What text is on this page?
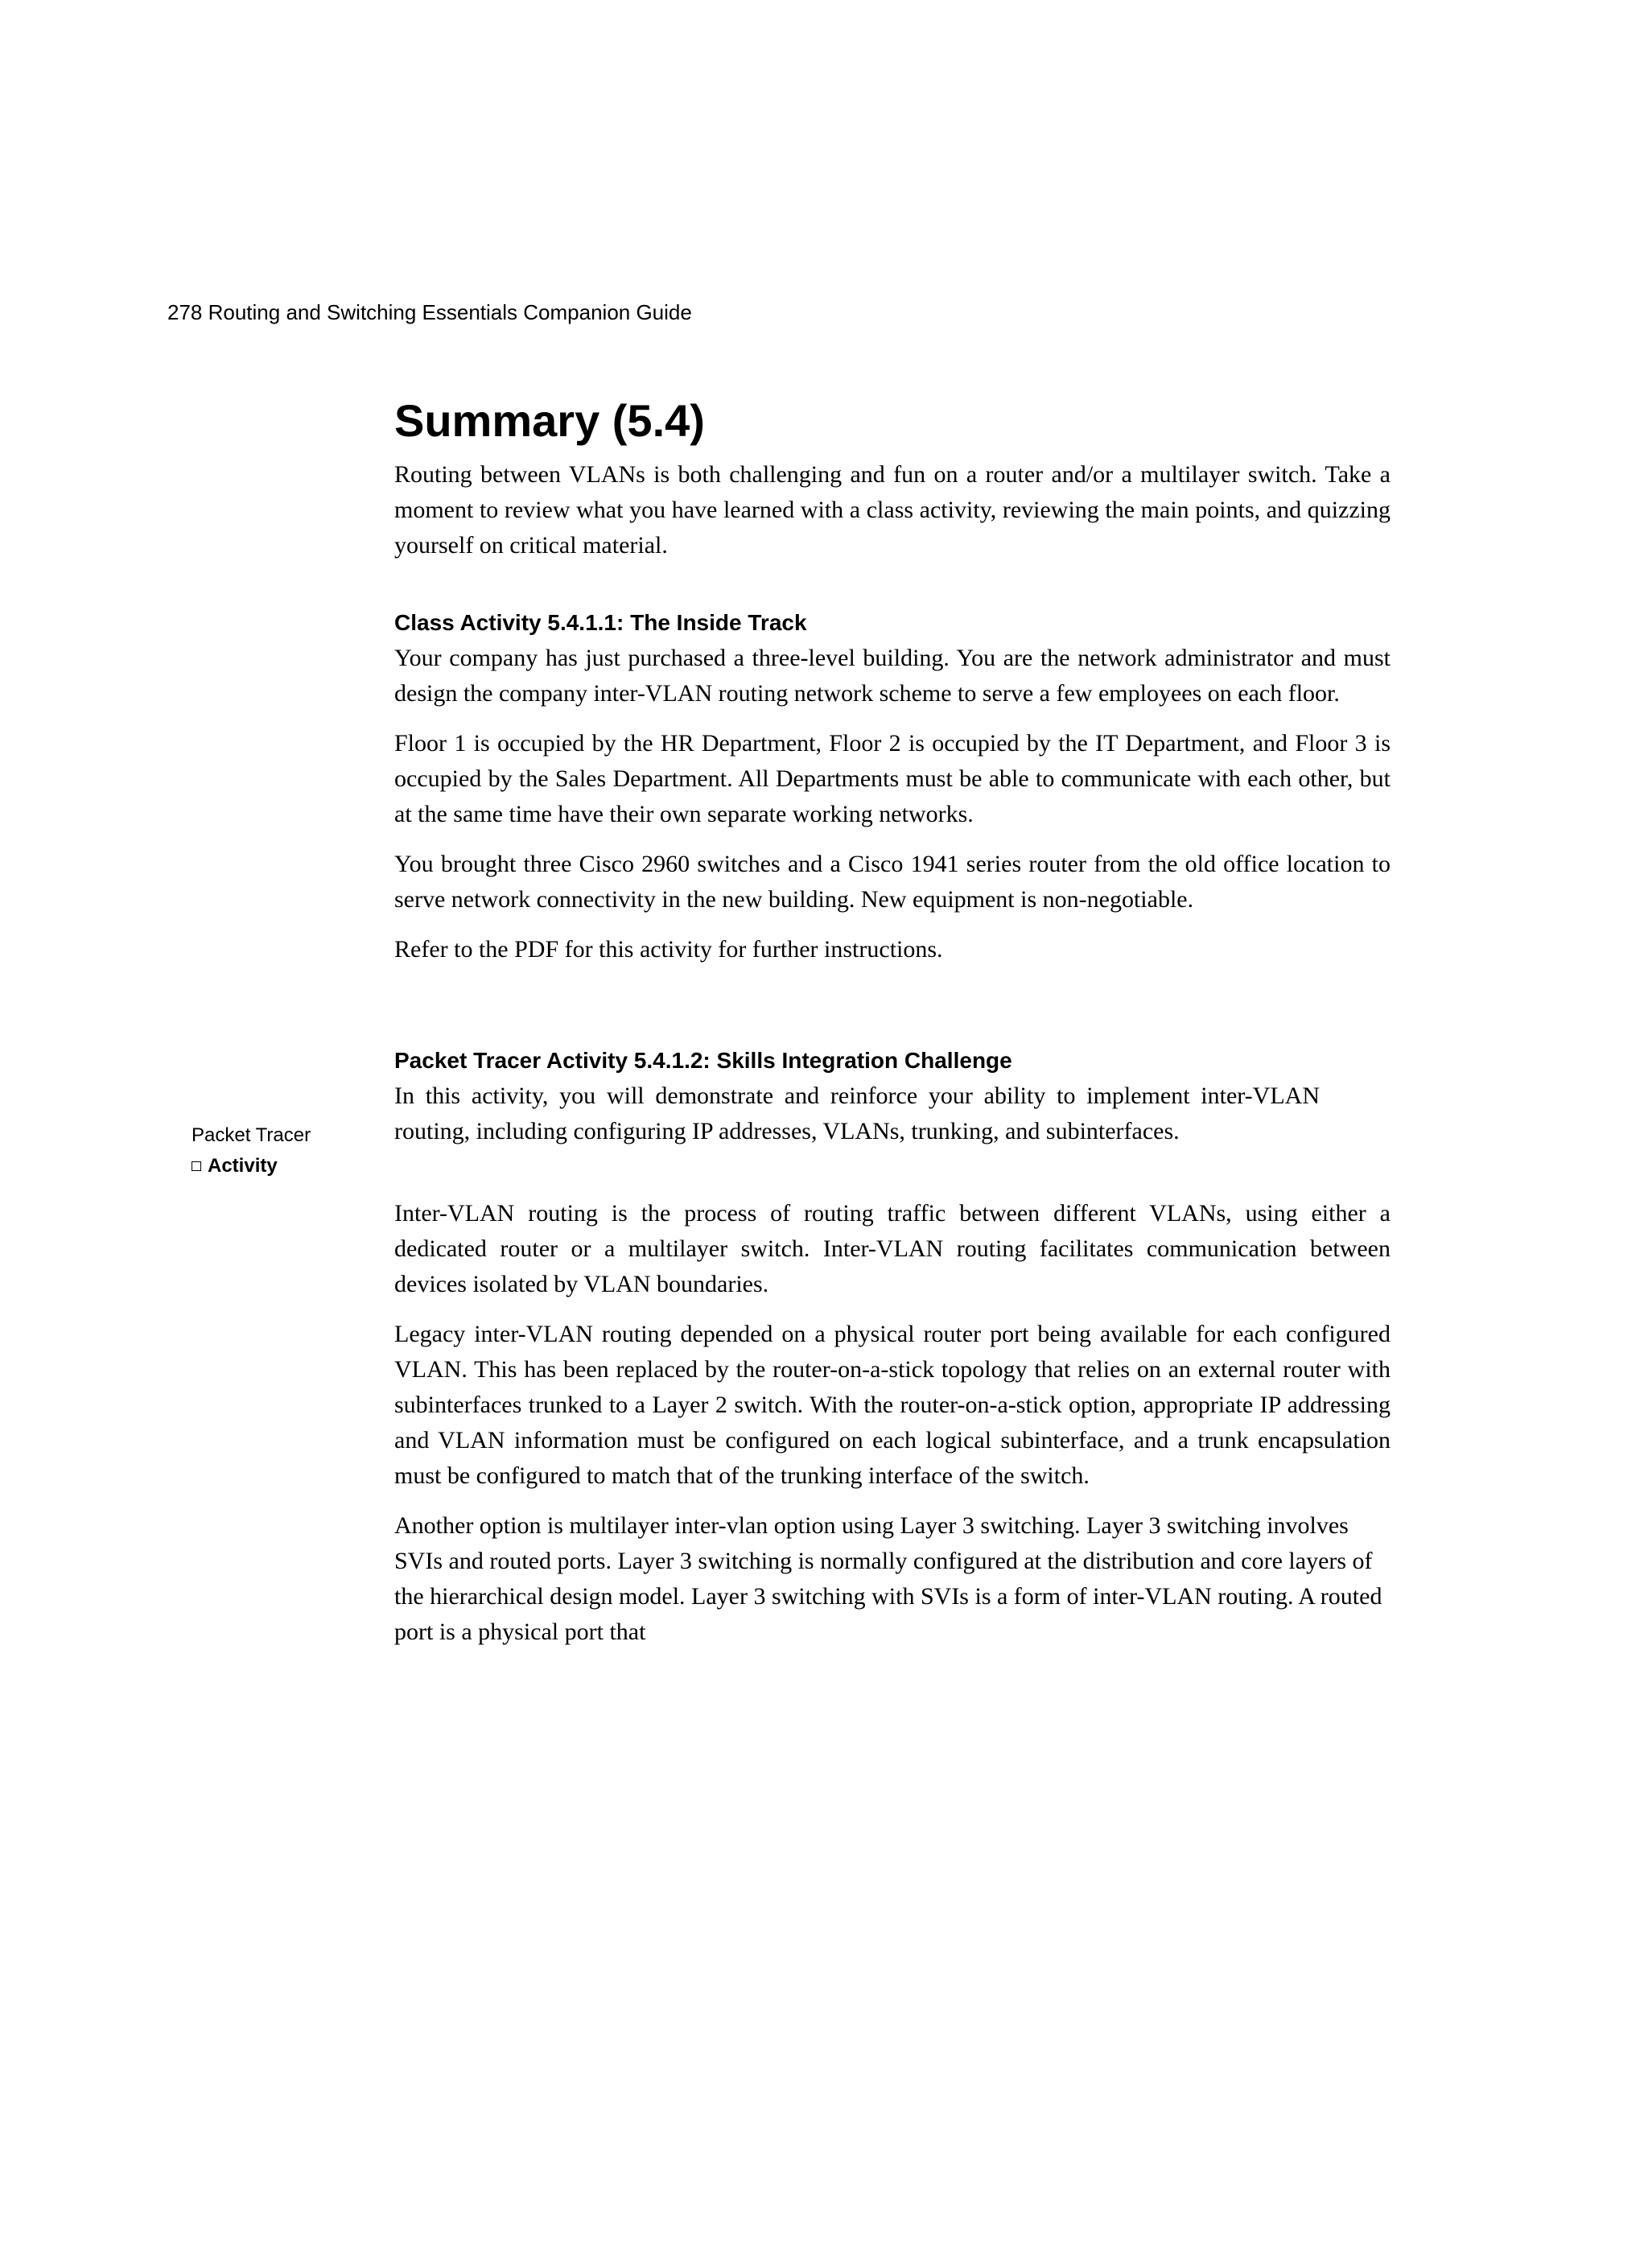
278 Routing and Switching Essentials Companion Guide
Packet Tracer
Activity
Summary (5.4)

Routing between VLANs is both challenging and fun on a router and/or a multilayer switch. Take a moment to review what you have learned with a class activity, reviewing the main points, and quizzing yourself on critical material.

Class Activity 5.4.1.1: The Inside Track

Your company has just purchased a three-level building. You are the network administrator and must design the company inter-VLAN routing network scheme to serve a few employees on each floor.

Floor 1 is occupied by the HR Department, Floor 2 is occupied by the IT Department, and Floor 3 is occupied by the Sales Department. All Departments must be able to communicate with each other, but at the same time have their own separate working networks.

You brought three Cisco 2960 switches and a Cisco 1941 series router from the old office location to serve network connectivity in the new building. New equipment is non-negotiable.

Refer to the PDF for this activity for further instructions.

Packet Tracer Activity 5.4.1.2: Skills Integration Challenge

In this activity, you will demonstrate and reinforce your ability to implement inter-VLAN routing, including configuring IP addresses, VLANs, trunking, and subinterfaces.

Inter-VLAN routing is the process of routing traffic between different VLANs, using either a dedicated router or a multilayer switch. Inter-VLAN routing facilitates communication between devices isolated by VLAN boundaries.

Legacy inter-VLAN routing depended on a physical router port being available for each configured VLAN. This has been replaced by the router-on-a-stick topology that relies on an external router with subinterfaces trunked to a Layer 2 switch. With the router-on-a-stick option, appropriate IP addressing and VLAN information must be configured on each logical subinterface, and a trunk encapsulation must be configured to match that of the trunking interface of the switch.

Another option is multilayer inter-vlan option using Layer 3 switching. Layer 3 switching involves SVIs and routed ports. Layer 3 switching is normally configured at the distribution and core layers of the hierarchical design model. Layer 3 switching with SVIs is a form of inter-VLAN routing. A routed port is a physical port that
